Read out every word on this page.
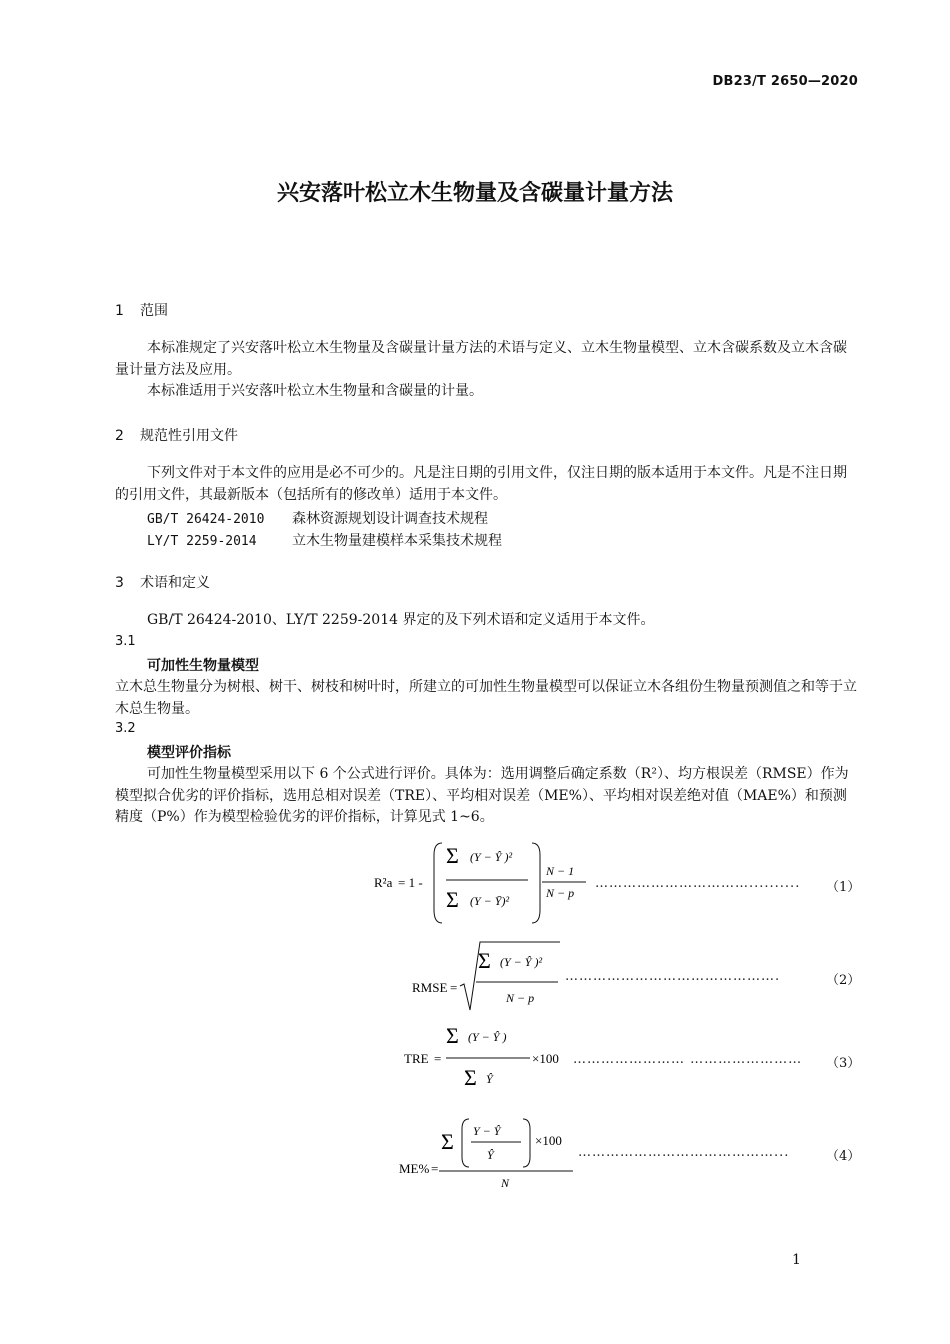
DB23/T 2650—2020
兴安落叶松立木生物量及含碳量计量方法
1 范围
本标准规定了兴安落叶松立木生物量及含碳量计量方法的术语与定义、立木生物量模型、立木含碳系数及立木含碳量计量方法及应用。
本标准适用于兴安落叶松立木生物量和含碳量的计量。
2 规范性引用文件
下列文件对于本文件的应用是必不可少的。凡是注日期的引用文件，仅注日期的版本适用于本文件。凡是不注日期的引用文件，其最新版本（包括所有的修改单）适用于本文件。
GB/T 26424-2010 森林资源规划设计调查技术规程
LY/T 2259-2014	立木生物量建模样本采集技术规程
3 术语和定义
GB/T 26424-2010、LY/T 2259-2014 界定的及下列术语和定义适用于本文件。
3.1
可加性生物量模型
立木总生物量分为树根、树干、树枝和树叶时，所建立的可加性生物量模型可以保证立木各组份生物量预测值之和等于立木总生物量。
3.2
模型评价指标
可加性生物量模型采用以下 6 个公式进行评价。具体为：选用调整后确定系数（R²）、均方根误差（RMSE）作为模型拟合优劣的评价指标，选用总相对误差（TRE）、平均相对误差（ME%）、平均相对误差绝对值（MAE%）和预测精度（P%）作为模型检验优劣的评价指标，计算见式 1~6。
R²a = 1 -
Σ (Y − Ŷ )²
Σ (Y − Ȳ)²
N − 1
N − p
…………………………….......... （1）
RMSE =
Σ (Y − Ŷ )²
N − p
……………………………………….	（2）
TRE =
Σ (Y − Ŷ )
Σ Ŷ
×100 …………………… …………………… （3）
ME% =
Σ Y − Ŷ
Ŷ
×100
N
……………………………………...	（4）
1
